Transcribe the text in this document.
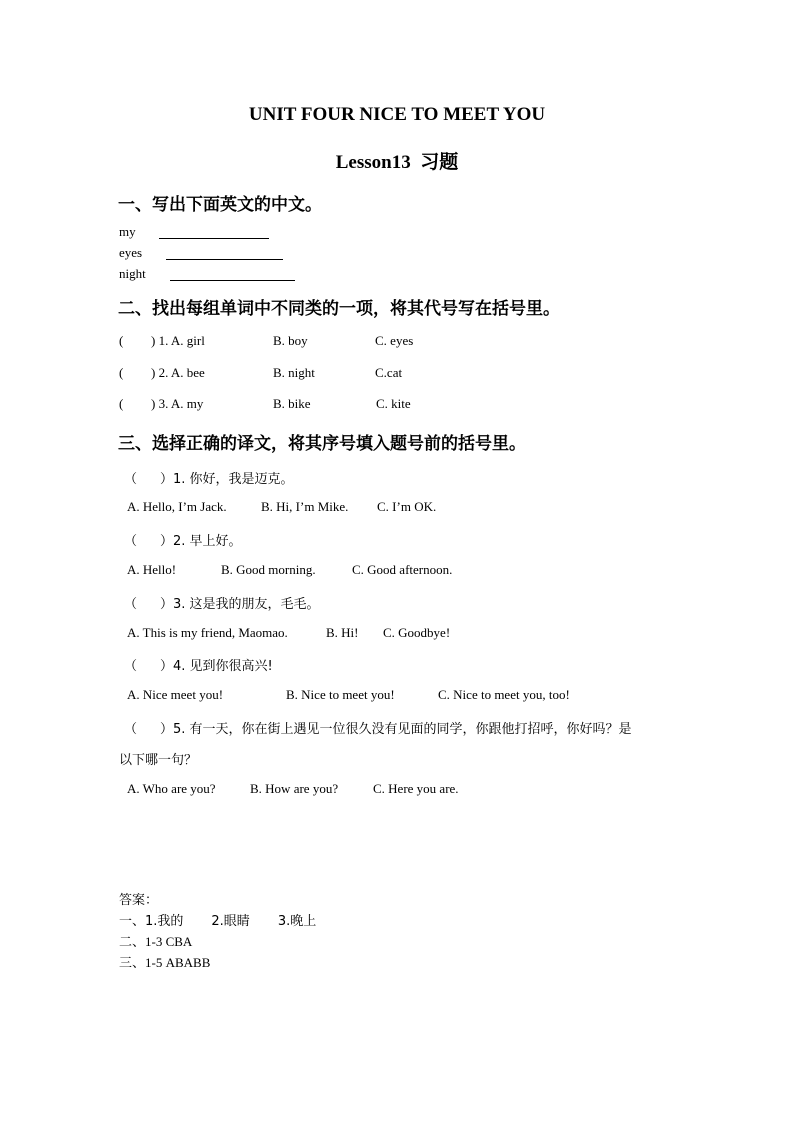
UNIT FOUR NICE TO MEET YOU
Lesson13 习题
一、写出下面英文的中文。
my
eyes
night
二、找出每组单词中不同类的一项，将其代号写在括号里。
( ) 1. A. girl	B. boy	C. eyes
( ) 2. A. bee	B. night	C.cat
( ) 3. A. my	B. bike	C. kite
三、选择正确的译文，将其序号填入题号前的括号里。
（ ）1. 你好，我是迈克。
A. Hello, I’m Jack.	B. Hi, I’m Mike. C. I’m OK.
（ ）2. 早上好。
A. Hello!	B. Good morning.	C. Good afternoon.
（ ）3. 这是我的朋友，毛毛。
A. This is my friend, Maomao.	B. Hi! C. Goodbye!
（ ）4. 见到你很高兴!
A. Nice meet you!	B. Nice to meet you!	C. Nice to meet you, too!
（ ）5. 有一天，你在街上遇见一位很久没有见面的同学，你跟他打招呼，你好吗？是
以下哪一句？
A. Who are you?	B. How are you?	C. Here you are.
答案：
一、1.我的 2.眼睛 3.晚上
二、1-3 CBA
三、1-5 ABABB
